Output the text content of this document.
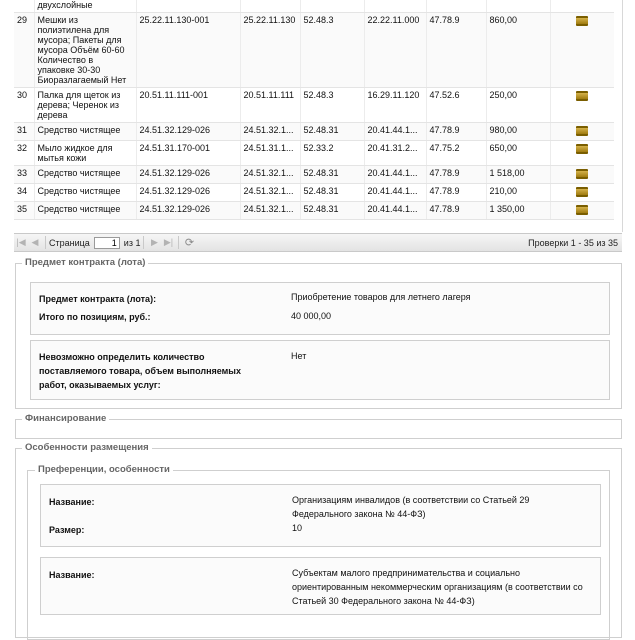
	двухслойные							
29	Мешки из полиэтилена для мусора; Пакеты для мусора Объём 60-60 Количество в упаковке 30-30 Биоразлагаемый Нет	25.22.11.130-001	25.22.11.130	52.48.3	22.22.11.000	47.78.9	860,00	
30	Палка для щеток из дерева; Черенок из дерева	20.51.11.111-001	20.51.11.111	52.48.3	16.29.11.120	47.52.6	250,00	
31	Средство чистящее	24.51.32.129-026	24.51.32.1...	52.48.31	20.41.44.1...	47.78.9	980,00	
32	Мыло жидкое для мытья кожи	24.51.31.170-001	24.51.31.1...	52.33.2	20.41.31.2...	47.75.2	650,00	
33	Средство чистящее	24.51.32.129-026	24.51.32.1...	52.48.31	20.41.44.1...	47.78.9	1 518,00	
34	Средство чистящее	24.51.32.129-026	24.51.32.1...	52.48.31	20.41.44.1...	47.78.9	210,00	
35	Средство чистящее	24.51.32.129-026	24.51.32.1...	52.48.31	20.41.44.1...	47.78.9	1 350,00	
|◀ ◀	Страница
1	из 1	▶ ▶| ⟳	Проверки 1 - 35 из 35
Предмет контракта (лота)
Предмет контракта (лота):	Приобретение товаров для летнего лагеря
Итого по позициям, руб.:	40 000,00
Невозможно определить количество поставляемого товара, объем выполняемых работ, оказываемых услуг:
Нет
Финансирование
Особенности размещения
Преференции, особенности
Название:	Организациям инвалидов (в соответствии со Статьей 29 Федерального закона № 44-ФЗ)
Размер:	10
Название:	Субъектам малого предпринимательства и социально ориентированным некоммерческим организациям (в соответствии со Статьей 30 Федерального закона № 44-ФЗ)
